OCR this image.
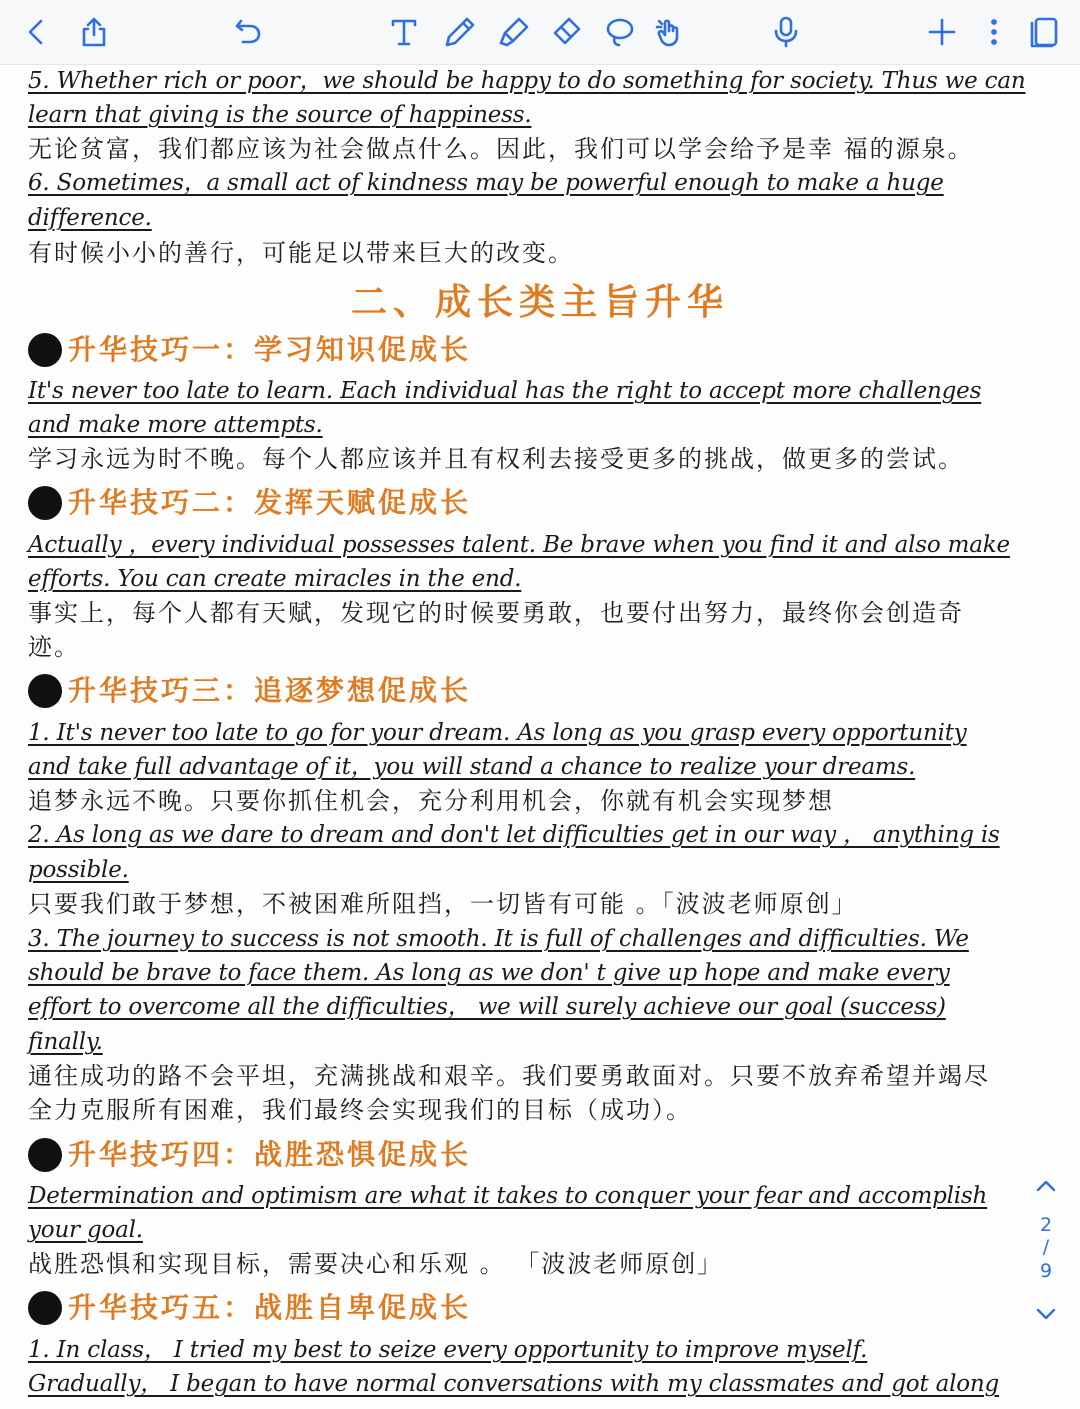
5. Whether rich or poor，we should be happy to do something for society. Thus we can
learn that giving is the source of happiness.
无论贫富，我们都应该为社会做点什么。因此，我们可以学会给予是幸 福的源泉。
6. Sometimes，a small act of kindness may be powerful enough to make a huge
difference.
有时候小小的善行，可能足以带来巨大的改变。
二、成长类主旨升华
升华技巧一：学习知识促成长
It's never too late to learn. Each individual has the right to accept more challenges
and make more attempts.
学习永远为时不晚。每个人都应该并且有权利去接受更多的挑战，做更多的尝试。
升华技巧二：发挥天赋促成长
Actually ，every individual possesses talent. Be brave when you find it and also make
efforts. You can create miracles in the end.
事实上，每个人都有天赋，发现它的时候要勇敢，也要付出努力，最终你会创造奇
迹。
升华技巧三：追逐梦想促成长
1. It's never too late to go for your dream. As long as you grasp every opportunity
and take full advantage of it，you will stand a chance to realize your dreams.
追梦永远不晚。只要你抓住机会，充分利用机会，你就有机会实现梦想
2. As long as we dare to dream and don't let difficulties get in our way ， anything is
possible.
只要我们敢于梦想，不被困难所阻挡，一切皆有可能 。「波波老师原创」
3. The journey to success is not smooth. It is full of challenges and difficulties. We
should be brave to face them. As long as we don' t give up hope and make every
effort to overcome all the difficulties， we will surely achieve our goal (success)
finally.
通往成功的路不会平坦，充满挑战和艰辛。我们要勇敢面对。只要不放弃希望并竭尽
全力克服所有困难，我们最终会实现我们的目标（成功）。
升华技巧四：战胜恐惧促成长
Determination and optimism are what it takes to conquer your fear and accomplish
your goal.
战胜恐惧和实现目标，需要决心和乐观 。 「波波老师原创」
升华技巧五：战胜自卑促成长
1. In class， I tried my best to seize every opportunity to improve myself.
Gradually， I began to have normal conversations with my classmates and got along
2
/
9
